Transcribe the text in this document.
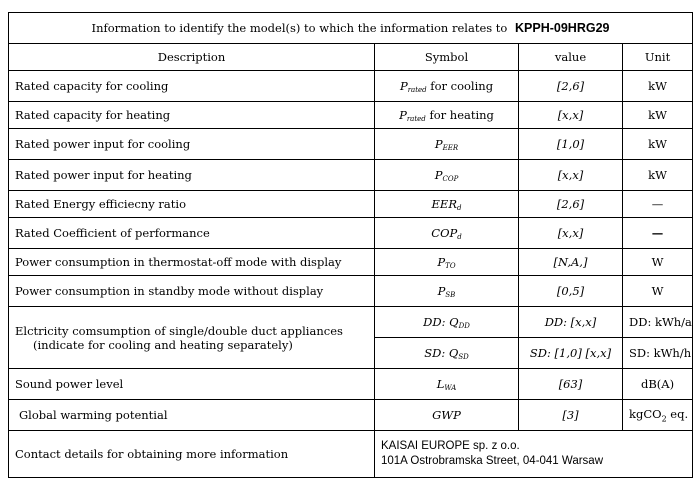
Information to identify the model(s) to which the information relates to KPPH-09HRG29			
Description	Symbol	value	Unit
Rated capacity for cooling	$P_{rated}$ for cooling	[2,6]	kW
Rated capacity for heating	$P_{rated}$ for heating	[x,x]	kW
Rated power input for cooling	$P_{EER}$	[1,0]	kW
Rated power input for heating	$P_{COP}$	[x,x]	kW
Rated Energy efficiecny ratio	$EER_d$	[2,6]	—
Rated Coefficient of performance	$COP_d$	[x,x]	—
Power consumption in thermostat-off mode with display	$P_{TO}$	[N,A,]	W
Power consumption in standby mode without display	$P_{SB}$	[0,5]	W

Elctricity comsumption of single/double duct appliances
(indicate for cooling and heating separately)	DD: $Q_{DD}$	DD: [x,x]	DD: kWh/a
	SD: $Q_{SD}$	SD: [1,0] [x,x]	SD: kWh/h
Sound power level	$L_{WA}$	[63]	dB(A)
Global warming potential	GWP	[3]	kgCO$_2$ eq.
Contact details for obtaining more information	KAISAI EUROPE sp. z o.o.
101A Ostrobramska Street, 04-041 Warsaw		
